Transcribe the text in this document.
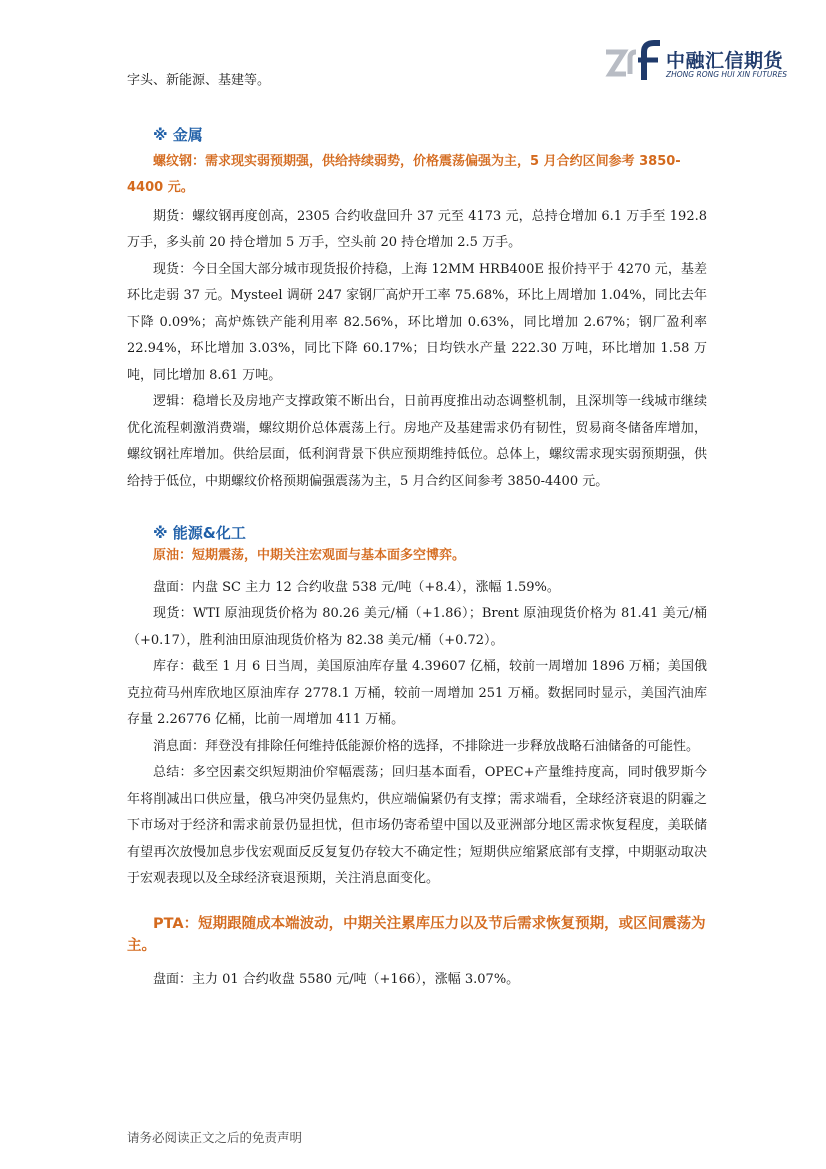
中融汇信期货
ZHONG RONG HUI XIN FUTURES

字头、新能源、基建等。

※ 金属

螺纹钢：需求现实弱预期强，供给持续弱势，价格震荡偏强为主，5 月合约区间参考 3850-4400 元。

期货：螺纹钢再度创高，2305 合约收盘回升 37 元至 4173 元，总持仓增加 6.1 万手至 192.8 万手，多头前 20 持仓增加 5 万手，空头前 20 持仓增加 2.5 万手。

现货：今日全国大部分城市现货报价持稳，上海 12MM HRB400E 报价持平于 4270 元，基差环比走弱 37 元。Mysteel 调研 247 家钢厂高炉开工率 75.68%，环比上周增加 1.04%，同比去年下降 0.09%；高炉炼铁产能利用率 82.56%，环比增加 0.63%，同比增加 2.67%；钢厂盈利率 22.94%，环比增加 3.03%，同比下降 60.17%；日均铁水产量 222.30 万吨，环比增加 1.58 万吨，同比增加 8.61 万吨。

逻辑：稳增长及房地产支撑政策不断出台，日前再度推出动态调整机制，且深圳等一线城市继续优化流程刺激消费端，螺纹期价总体震荡上行。房地产及基建需求仍有韧性，贸易商冬储备库增加，螺纹钢社库增加。供给层面，低利润背景下供应预期维持低位。总体上，螺纹需求现实弱预期强，供给持于低位，中期螺纹价格预期偏强震荡为主，5 月合约区间参考 3850-4400 元。

※ 能源&化工

原油：短期震荡，中期关注宏观面与基本面多空博弈。

盘面：内盘 SC 主力 12 合约收盘 538 元/吨（+8.4），涨幅 1.59%。

现货：WTI 原油现货价格为 80.26 美元/桶（+1.86）；Brent 原油现货价格为 81.41 美元/桶（+0.17），胜利油田原油现货价格为 82.38 美元/桶（+0.72）。

库存：截至 1 月 6 日当周，美国原油库存量 4.39607 亿桶，较前一周增加 1896 万桶；美国俄克拉荷马州库欣地区原油库存 2778.1 万桶，较前一周增加 251 万桶。数据同时显示，美国汽油库存量 2.26776 亿桶，比前一周增加 411 万桶。

消息面：拜登没有排除任何维持低能源价格的选择，不排除进一步释放战略石油储备的可能性。

总结：多空因素交织短期油价窄幅震荡；回归基本面看，OPEC+产量维持度高，同时俄罗斯今年将削减出口供应量，俄乌冲突仍显焦灼，供应端偏紧仍有支撑；需求端看，全球经济衰退的阴霾之下市场对于经济和需求前景仍显担忧，但市场仍寄希望中国以及亚洲部分地区需求恢复程度，美联储有望再次放慢加息步伐宏观面反反复复仍存较大不确定性；短期供应缩紧底部有支撑，中期驱动取决于宏观表现以及全球经济衰退预期，关注消息面变化。

PTA：短期跟随成本端波动，中期关注累库压力以及节后需求恢复预期，或区间震荡为主。

盘面：主力 01 合约收盘 5580 元/吨（+166），涨幅 3.07%。

请务必阅读正文之后的免责声明
